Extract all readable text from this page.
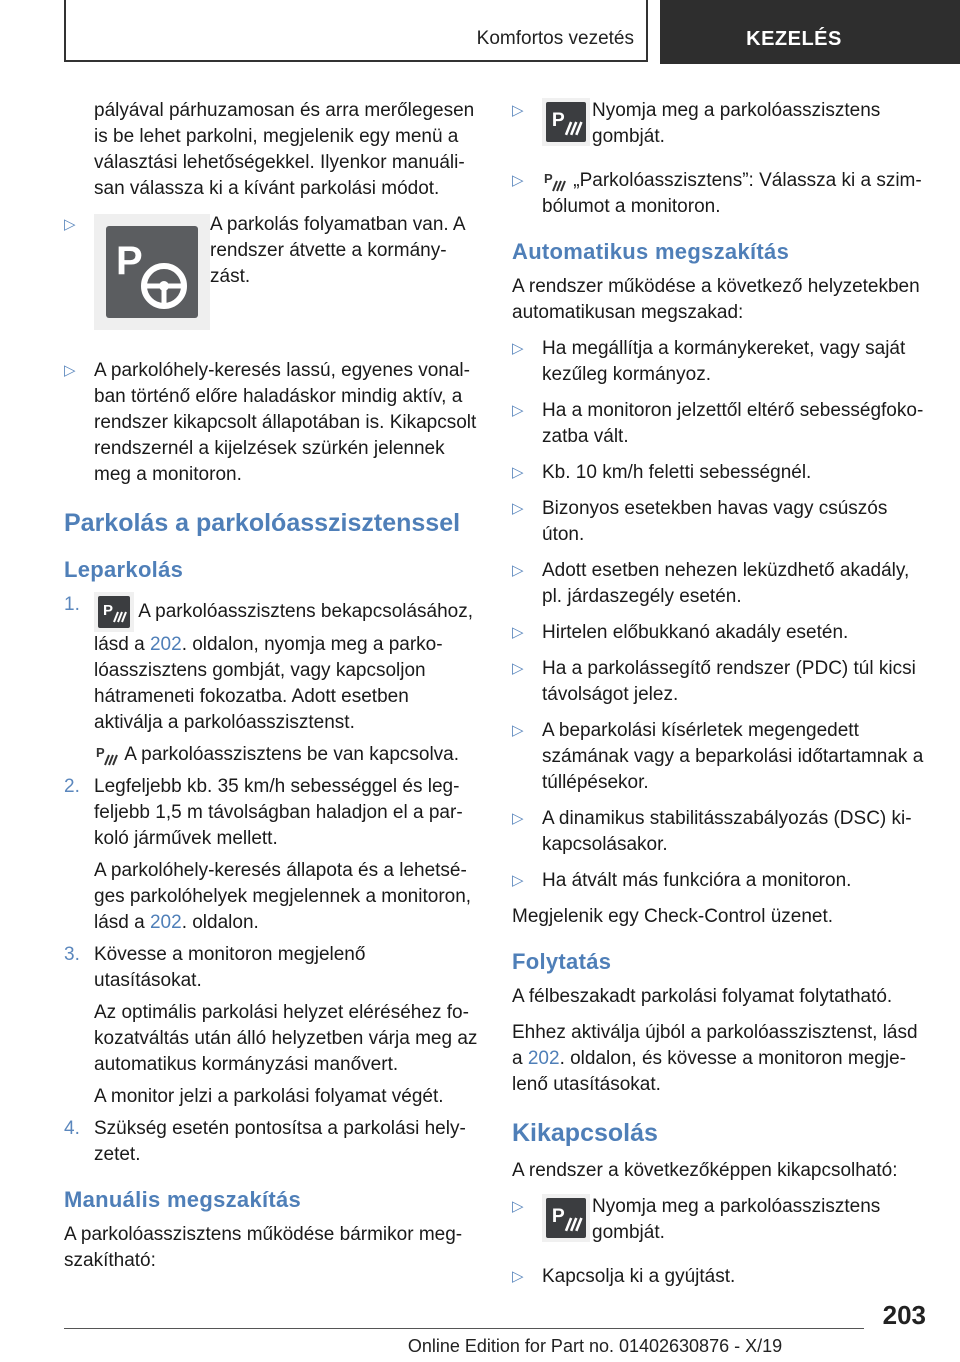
Komfortos vezetés	KEZELÉS

pályával párhuzamosan és arra merőlegesen is be lehet parkolni, megjelenik egy menü a választási lehetőségekkel. Ilyenkor manuálisan válassza ki a kívánt parkolási módot.

▷
P
A parkolás folyamatban van. A rendszer átvette a kormányzást.
▷ A parkolóhely-keresés lassú, egyenes vonalban történő előre haladáskor mindig aktív, a rendszer kikapcsolt állapotában is. Kikapcsolt rendszernél a kijelzések szürkén jelennek meg a monitoron.
Parkolás a parkolóasszisztenssel
Leparkolás
1. P A parkolóasszisztens bekapcsolásához, lásd a 202. oldalon, nyomja meg a parkolóasszisztens gombját, vagy kapcsoljon hátrameneti fokozatba. Adott esetben aktiválja a parkolóasszisztenst.
P A parkolóasszisztens be van kapcsolva.
2. Legfeljebb kb. 35 km/h sebességgel és legfeljebb 1,5 m távolságban haladjon el a parkoló járművek mellett.
A parkolóhely-keresés állapota és a lehetséges parkolóhelyek megjelennek a monitoron, lásd a 202. oldalon.
3. Kövesse a monitoron megjelenő utasításokat.
Az optimális parkolási helyzet eléréséhez fokozatváltás után álló helyzetben várja meg az automatikus kormányzási manővert.
A monitor jelzi a parkolási folyamat végét.
4. Szükség esetén pontosítsa a parkolási helyzetet.
Manuális megszakítás

A parkolóasszisztens működése bármikor megszakítható:

▷ P Nyomja meg a parkolóasszisztens gombját.
▷ P „Parkolóasszisztens”: Válassza ki a szimbólumot a monitoron.
Automatikus megszakítás

A rendszer működése a következő helyzetekben automatikusan megszakad:

▷ Ha megállítja a kormánykereket, vagy saját kezűleg kormányoz.
▷ Ha a monitoron jelzettől eltérő sebességfokozatba vált.
▷ Kb. 10 km/h feletti sebességnél.
▷ Bizonyos esetekben havas vagy csúszós úton.
▷ Adott esetben nehezen leküzdhető akadály, pl. járdaszegély esetén.
▷ Hirtelen előbukkanó akadály esetén.
▷ Ha a parkolássegítő rendszer (PDC) túl kicsi távolságot jelez.
▷ A beparkolási kísérletek megengedett számának vagy a beparkolási időtartamnak a túllépésekor.
▷ A dinamikus stabilitásszabályozás (DSC) kikapcsolásakor.
▷ Ha átvált más funkcióra a monitoron.

Megjelenik egy Check-Control üzenet.

Folytatás

A félbeszakadt parkolási folyamat folytatható.

Ehhez aktiválja újból a parkolóasszisztenst, lásd a 202. oldalon, és kövesse a monitoron megjelenő utasításokat.

Kikapcsolás

A rendszer a következőképpen kikapcsolható:

▷ P Nyomja meg a parkolóasszisztens gombját.
▷ Kapcsolja ki a gyújtást.
203
Online Edition for Part no. 01402630876 - X/19
